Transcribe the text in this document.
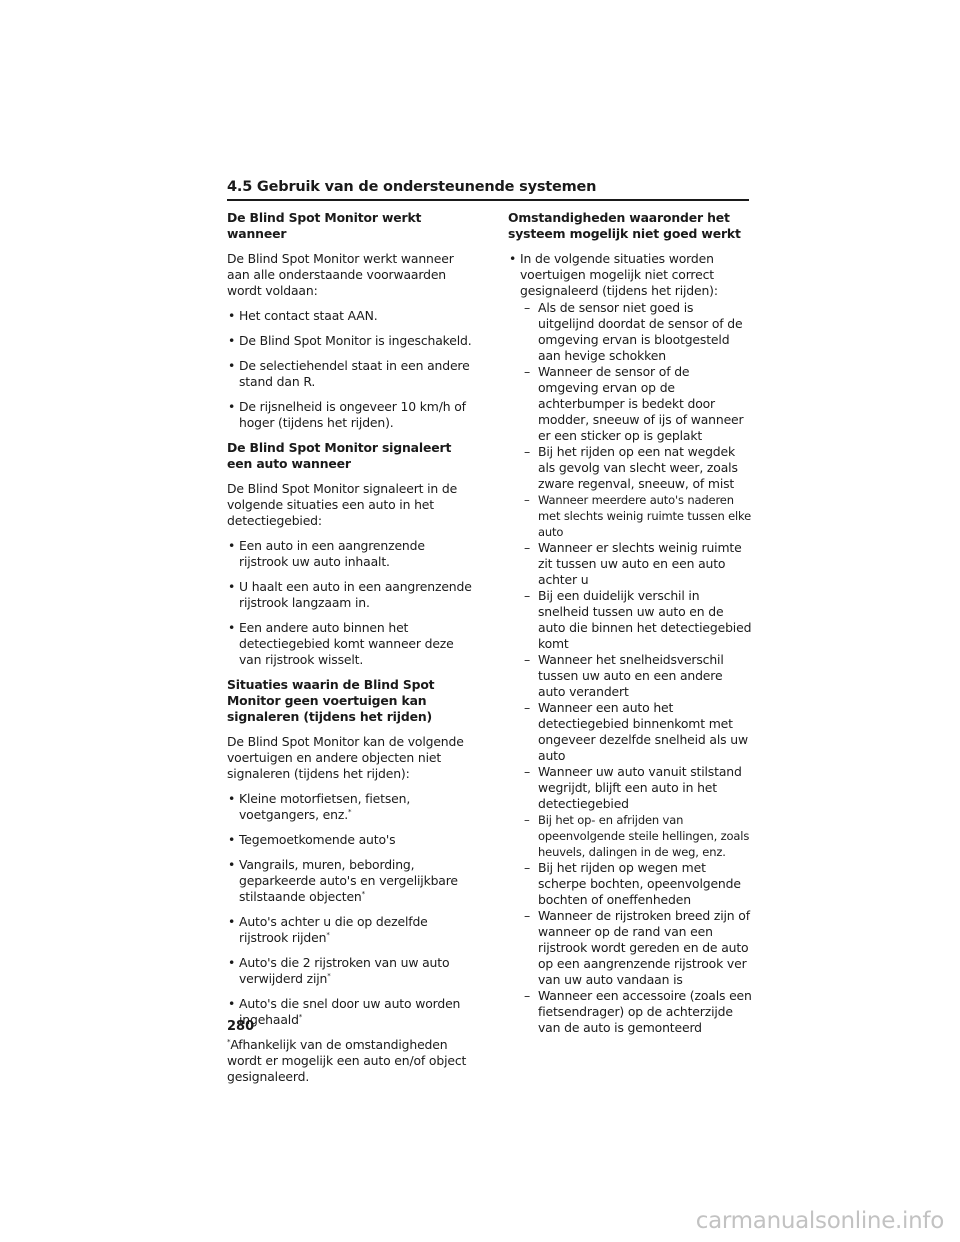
4.5 Gebruik van de ondersteunende systemen
De Blind Spot Monitor werkt wanneer
De Blind Spot Monitor werkt wanneer aan alle onderstaande voorwaarden wordt voldaan:
• Het contact staat AAN.
• De Blind Spot Monitor is ingeschakeld.
• De selectiehendel staat in een andere stand dan R.
• De rijsnelheid is ongeveer 10 km/h of hoger (tijdens het rijden).
De Blind Spot Monitor signaleert een auto wanneer
De Blind Spot Monitor signaleert in de volgende situaties een auto in het detectiegebied:
• Een auto in een aangrenzende rijstrook uw auto inhaalt.
• U haalt een auto in een aangrenzende rijstrook langzaam in.
• Een andere auto binnen het detectiegebied komt wanneer deze van rijstrook wisselt.
Situaties waarin de Blind Spot Monitor geen voertuigen kan signaleren (tijdens het rijden)
De Blind Spot Monitor kan de volgende voertuigen en andere objecten niet signaleren (tijdens het rijden):
• Kleine motorfietsen, fietsen, voetgangers, enz.*
• Tegemoetkomende auto's
• Vangrails, muren, bebording, geparkeerde auto's en vergelijkbare stilstaande objecten*
• Auto's achter u die op dezelfde rijstrook rijden*
• Auto's die 2 rijstroken van uw auto verwijderd zijn*
• Auto's die snel door uw auto worden ingehaald*
*Afhankelijk van de omstandigheden wordt er mogelijk een auto en/of object gesignaleerd.
Omstandigheden waaronder het systeem mogelijk niet goed werkt
• In de volgende situaties worden voertuigen mogelijk niet correct gesignaleerd (tijdens het rijden):
– Als de sensor niet goed is uitgelijnd doordat de sensor of de omgeving ervan is blootgesteld aan hevige schokken
– Wanneer de sensor of de omgeving ervan op de achterbumper is bedekt door modder, sneeuw of ijs of wanneer er een sticker op is geplakt
– Bij het rijden op een nat wegdek als gevolg van slecht weer, zoals zware regenval, sneeuw, of mist
– Wanneer meerdere auto's naderen met slechts weinig ruimte tussen elke auto
– Wanneer er slechts weinig ruimte zit tussen uw auto en een auto achter u
– Bij een duidelijk verschil in snelheid tussen uw auto en de auto die binnen het detectiegebied komt
– Wanneer het snelheidsverschil tussen uw auto en een andere auto verandert
– Wanneer een auto het detectiegebied binnenkomt met ongeveer dezelfde snelheid als uw auto
– Wanneer uw auto vanuit stilstand wegrijdt, blijft een auto in het detectiegebied
– Bij het op- en afrijden van opeenvolgende steile hellingen, zoals heuvels, dalingen in de weg, enz.
– Bij het rijden op wegen met scherpe bochten, opeenvolgende bochten of oneffenheden
– Wanneer de rijstroken breed zijn of wanneer op de rand van een rijstrook wordt gereden en de auto op een aangrenzende rijstrook ver van uw auto vandaan is
– Wanneer een accessoire (zoals een fietsendrager) op de achterzijde van de auto is gemonteerd
280
carmanualsonline.info
